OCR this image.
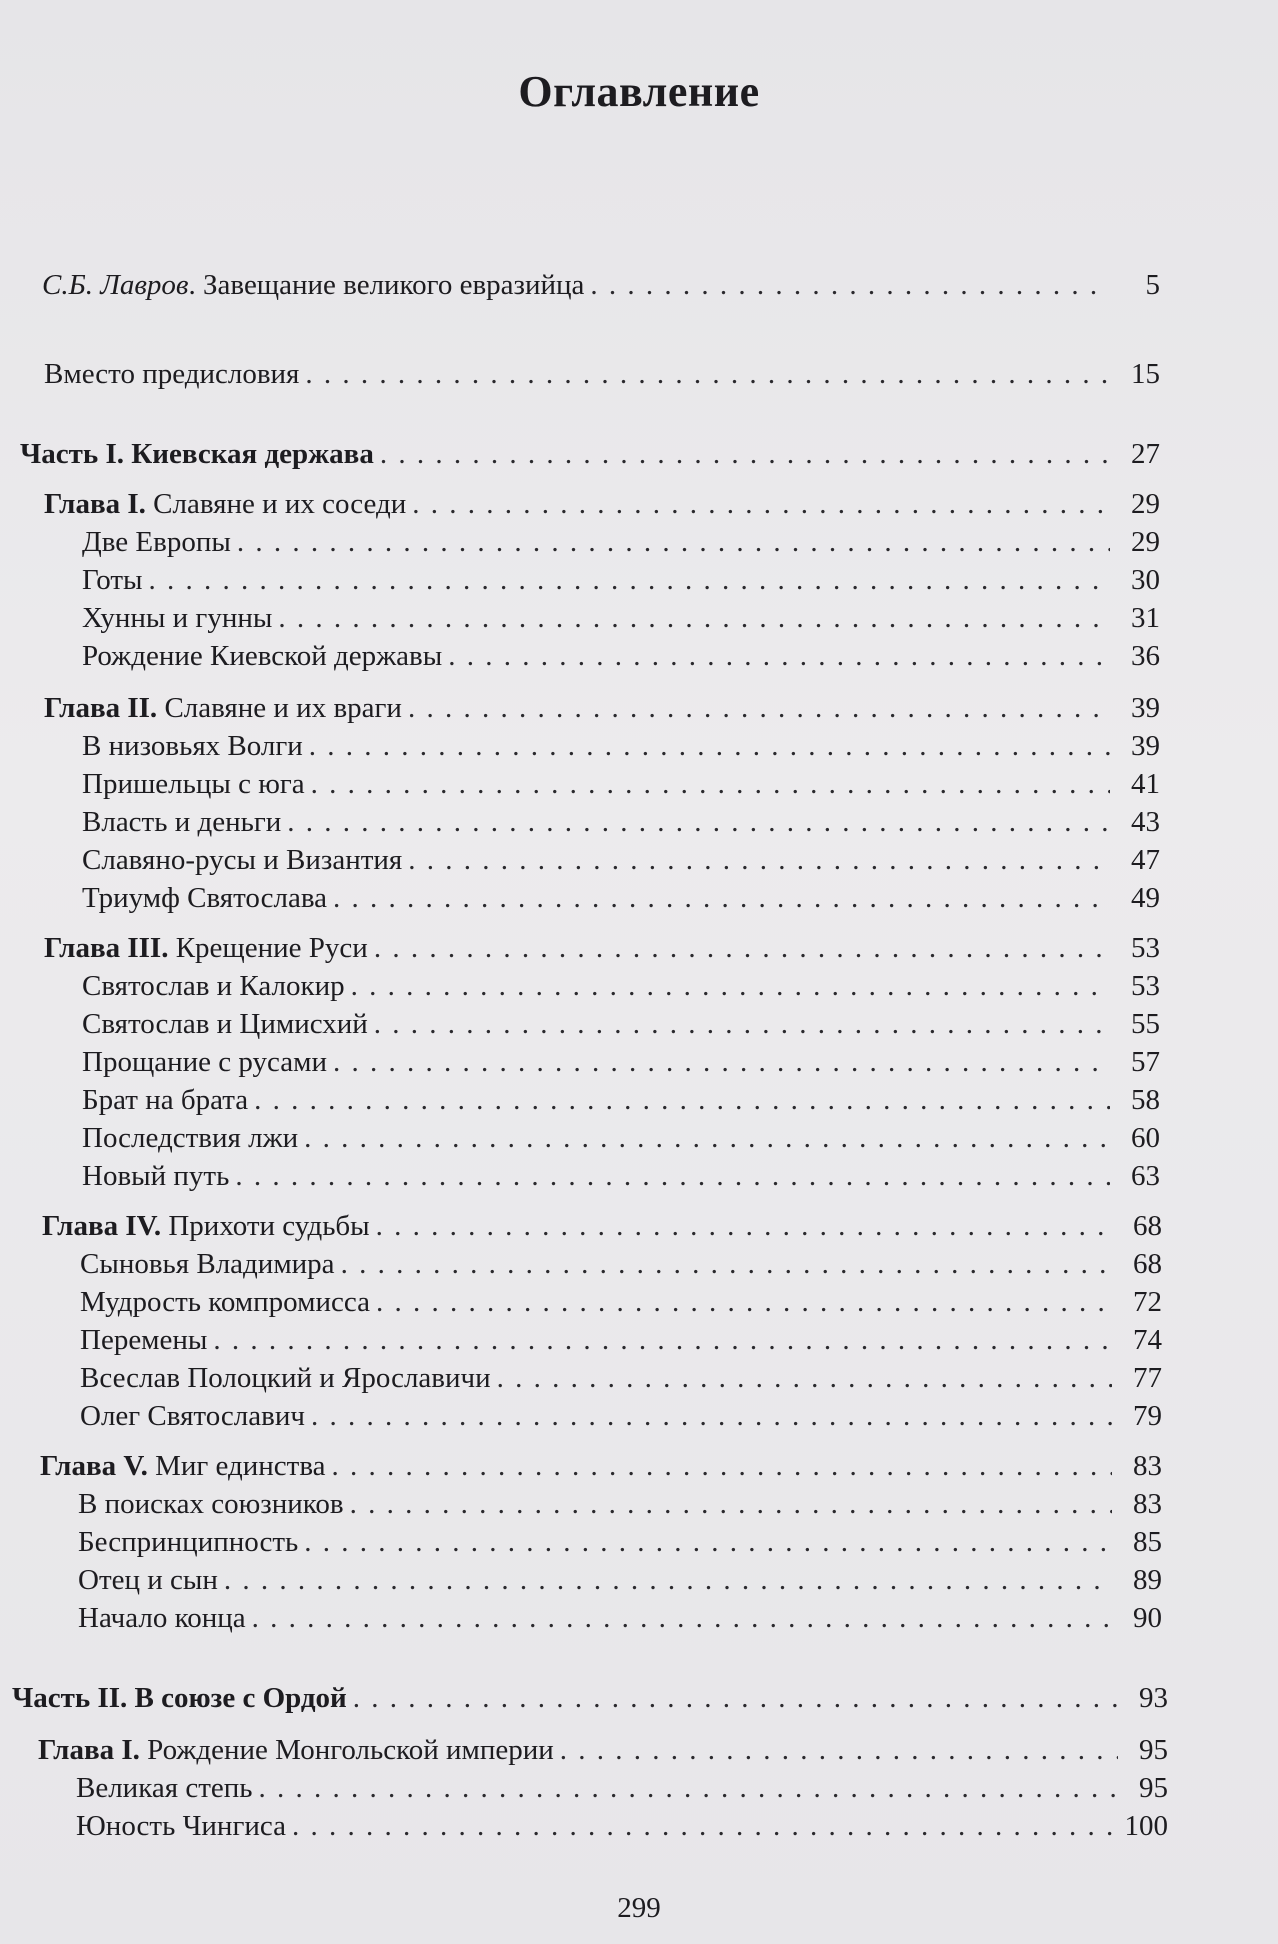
Оглавление
С.Б. Лавров. Завещание великого евразийца . . .	5
Вместо предисловия . . .	15
Часть I. Киевская держава . . .	27
Глава I. Славяне и их соседи . . .	29
Две Европы . . .	29
Готы . . .	30
Хунны и гунны . . .	31
Рождение Киевской державы . . .	36
Глава II. Славяне и их враги . . .	39
В низовьях Волги . . .	39
Пришельцы с юга . . .	41
Власть и деньги . . .	43
Славяно-русы и Византия . . .	47
Триумф Святослава . . .	49
Глава III. Крещение Руси . . .	53
Святослав и Калокир . . .	53
Святослав и Цимисхий . . .	55
Прощание с русами . . .	57
Брат на брата . . .	58
Последствия лжи . . .	60
Новый путь . . .	63
Глава IV. Прихоти судьбы . . .	68
Сыновья Владимира . . .	68
Мудрость компромисса . . .	72
Перемены . . .	74
Всеслав Полоцкий и Ярославичи . . .	77
Олег Святославич . . .	79
Глава V. Миг единства . . .	83
В поисках союзников . . .	83
Беспринципность . . .	85
Отец и сын . . .	89
Начало конца . . .	90
Часть II. В союзе с Ордой . . .	93
Глава I. Рождение Монгольской империи . . .	95
Великая степь . . .	95
Юность Чингиса . . .	100
299
